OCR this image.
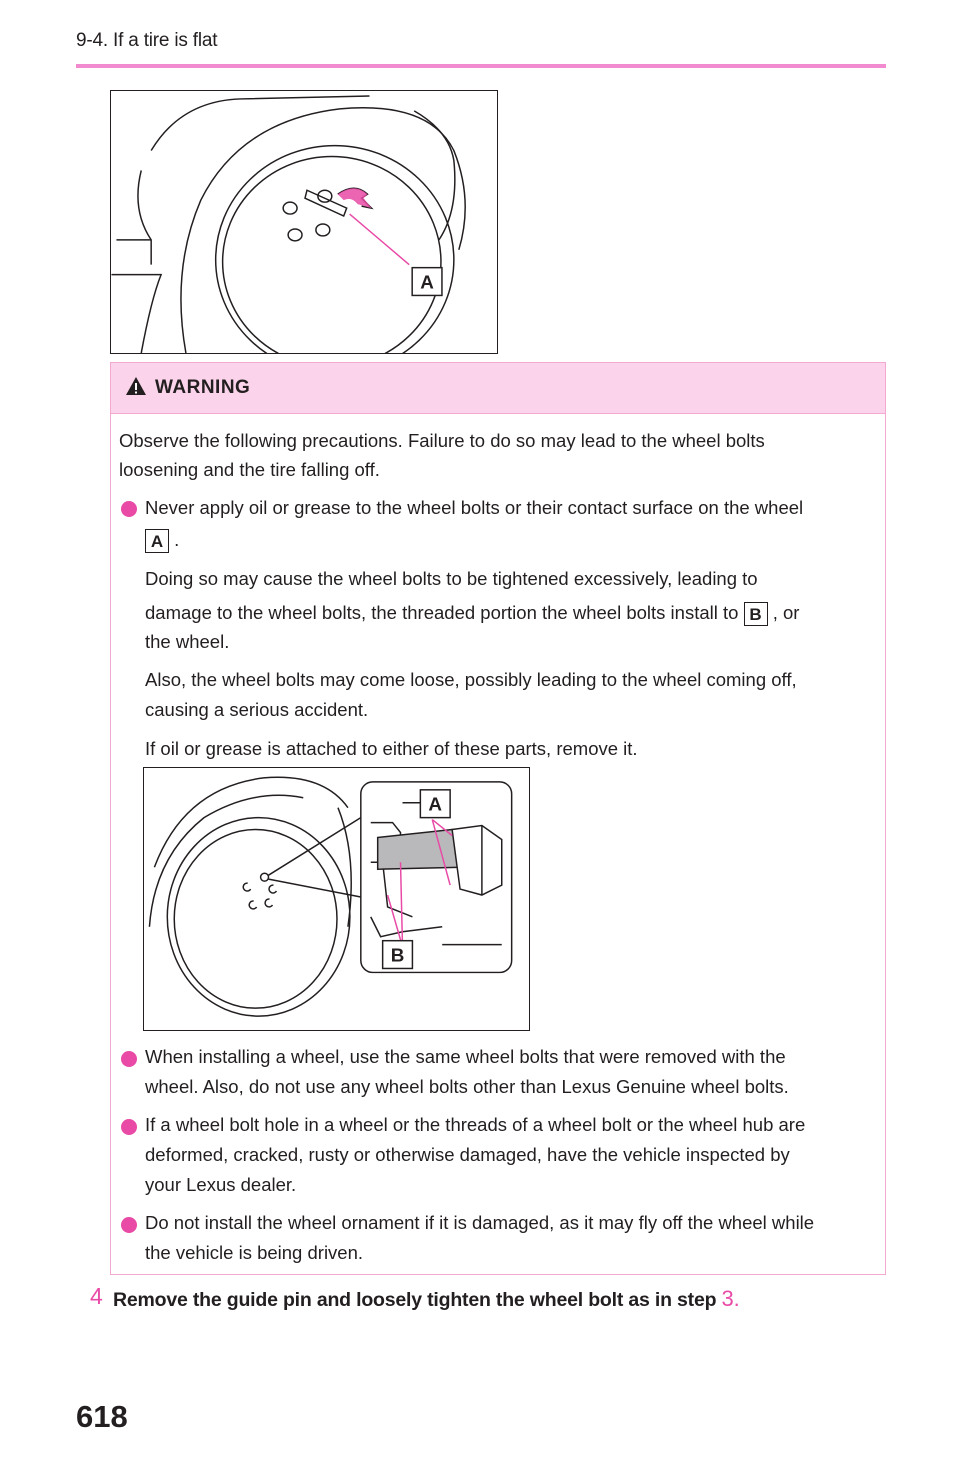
9-4. If a tire is flat
A
WARNING
Observe the following precautions. Failure to do so may lead to the wheel bolts
loosening and the tire falling off.
Never apply oil or grease to the wheel bolts or their contact surface on the wheel
A .
Doing so may cause the wheel bolts to be tightened excessively, leading to
damage to the wheel bolts, the threaded portion the wheel bolts install to B , or
the wheel.
Also, the wheel bolts may come loose, possibly leading to the wheel coming off,
causing a serious accident.
If oil or grease is attached to either of these parts, remove it.
When installing a wheel, use the same wheel bolts that were removed with the
wheel. Also, do not use any wheel bolts other than Lexus Genuine wheel bolts.
If a wheel bolt hole in a wheel or the threads of a wheel bolt or the wheel hub are
deformed, cracked, rusty or otherwise damaged, have the vehicle inspected by
your Lexus dealer.
Do not install the wheel ornament if it is damaged, as it may fly off the wheel while
the vehicle is being driven.
A
B
4 Remove the guide pin and loosely tighten the wheel bolt as in step 3.
618
